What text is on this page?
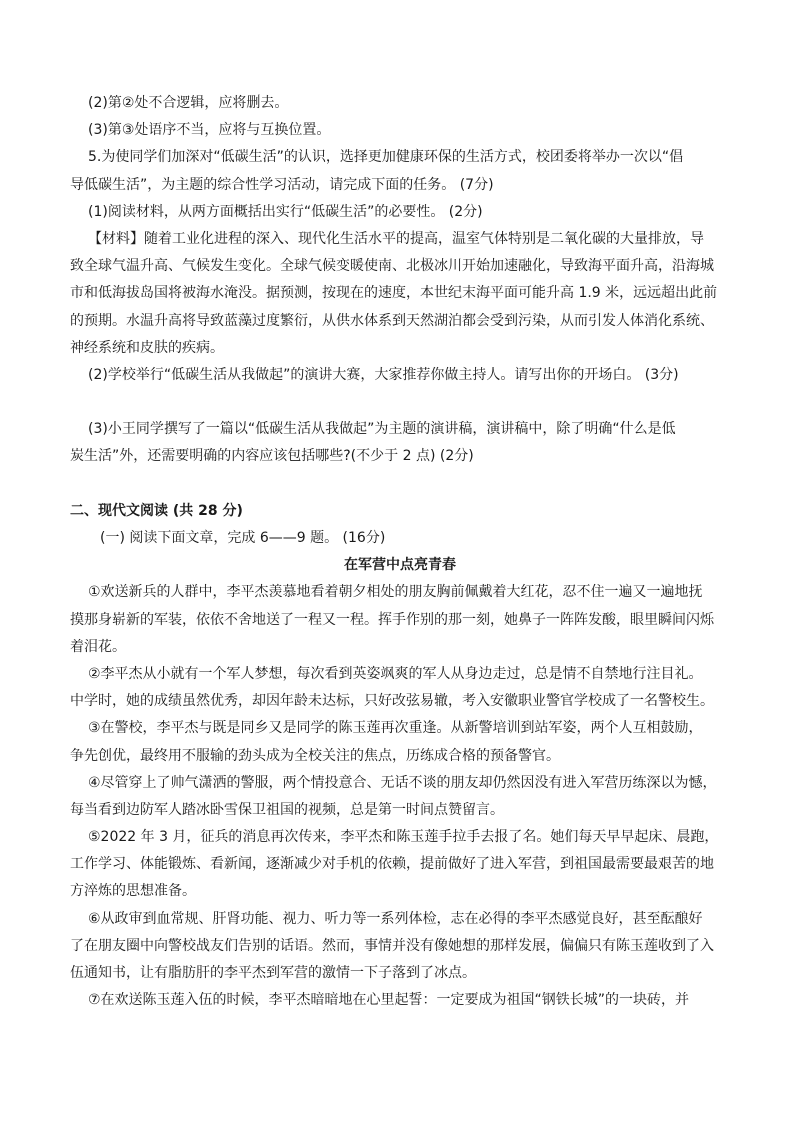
(2)第②处不合逻辑，应将删去。
(3)第③处语序不当，应将与互换位置。
5.为使同学们加深对“低碳生活”的认识，选择更加健康环保的生活方式，校团委将举办一次以“倡
导低碳生活”，为主题的综合性学习活动，请完成下面的任务。 (7分)
(1)阅读材料，从两方面概括出实行“低碳生活”的必要性。 (2分)
【材料】随着工业化进程的深入、现代化生活水平的提高，温室气体特别是二氧化碳的大量排放，导
致全球气温升高、气候发生变化。全球气候变暖使南、北极冰川开始加速融化，导致海平面升高，沿海城
市和低海拔岛国将被海水淹没。据预测，按现在的速度，本世纪末海平面可能升高 1.9 米，远远超出此前
的预期。水温升高将导致蓝藻过度繁衍，从供水体系到天然湖泊都会受到污染，从而引发人体消化系统、
神经系统和皮肤的疾病。
(2)学校举行“低碳生活从我做起”的演讲大赛，大家推荐你做主持人。请写出你的开场白。 (3分)
(3)小王同学撰写了一篇以“低碳生活从我做起”为主题的演讲稿，演讲稿中，除了明确“什么是低
炭生活”外，还需要明确的内容应该包括哪些?(不少于 2 点) (2分)
二、现代文阅读 (共 28 分)
(一) 阅读下面文章，完成 6——9 题。 (16分)
在军营中点亮青春
①欢送新兵的人群中，李平杰羡慕地看着朝夕相处的朋友胸前佩戴着大红花，忍不住一遍又一遍地抚
摸那身崭新的军装，依依不舍地送了一程又一程。挥手作别的那一刻，她鼻子一阵阵发酸，眼里瞬间闪烁
着泪花。
②李平杰从小就有一个军人梦想，每次看到英姿飒爽的军人从身边走过，总是情不自禁地行注目礼。
中学时，她的成绩虽然优秀，却因年龄未达标，只好改弦易辙，考入安徽职业警官学校成了一名警校生。
③在警校，李平杰与既是同乡又是同学的陈玉莲再次重逢。从新警培训到站军姿，两个人互相鼓励，
争先创优，最终用不服输的劲头成为全校关注的焦点，历练成合格的预备警官。
④尽管穿上了帅气潇洒的警服，两个情投意合、无话不谈的朋友却仍然因没有进入军营历练深以为憾，
每当看到边防军人踏冰卧雪保卫祖国的视频，总是第一时间点赞留言。
⑤2022 年 3 月，征兵的消息再次传来，李平杰和陈玉莲手拉手去报了名。她们每天早早起床、晨跑，
工作学习、体能锻炼、看新闻，逐渐减少对手机的依赖，提前做好了进入军营，到祖国最需要最艰苦的地
方淬炼的思想准备。
⑥从政审到血常规、肝肾功能、视力、听力等一系列体检，志在必得的李平杰感觉良好，甚至酝酿好
了在朋友圈中向警校战友们告别的话语。然而，事情并没有像她想的那样发展，偏偏只有陈玉莲收到了入
伍通知书，让有脂肪肝的李平杰到军营的激情一下子落到了冰点。
⑦在欢送陈玉莲入伍的时候，李平杰暗暗地在心里起誓：一定要成为祖国“钢铁长城”的一块砖，并
